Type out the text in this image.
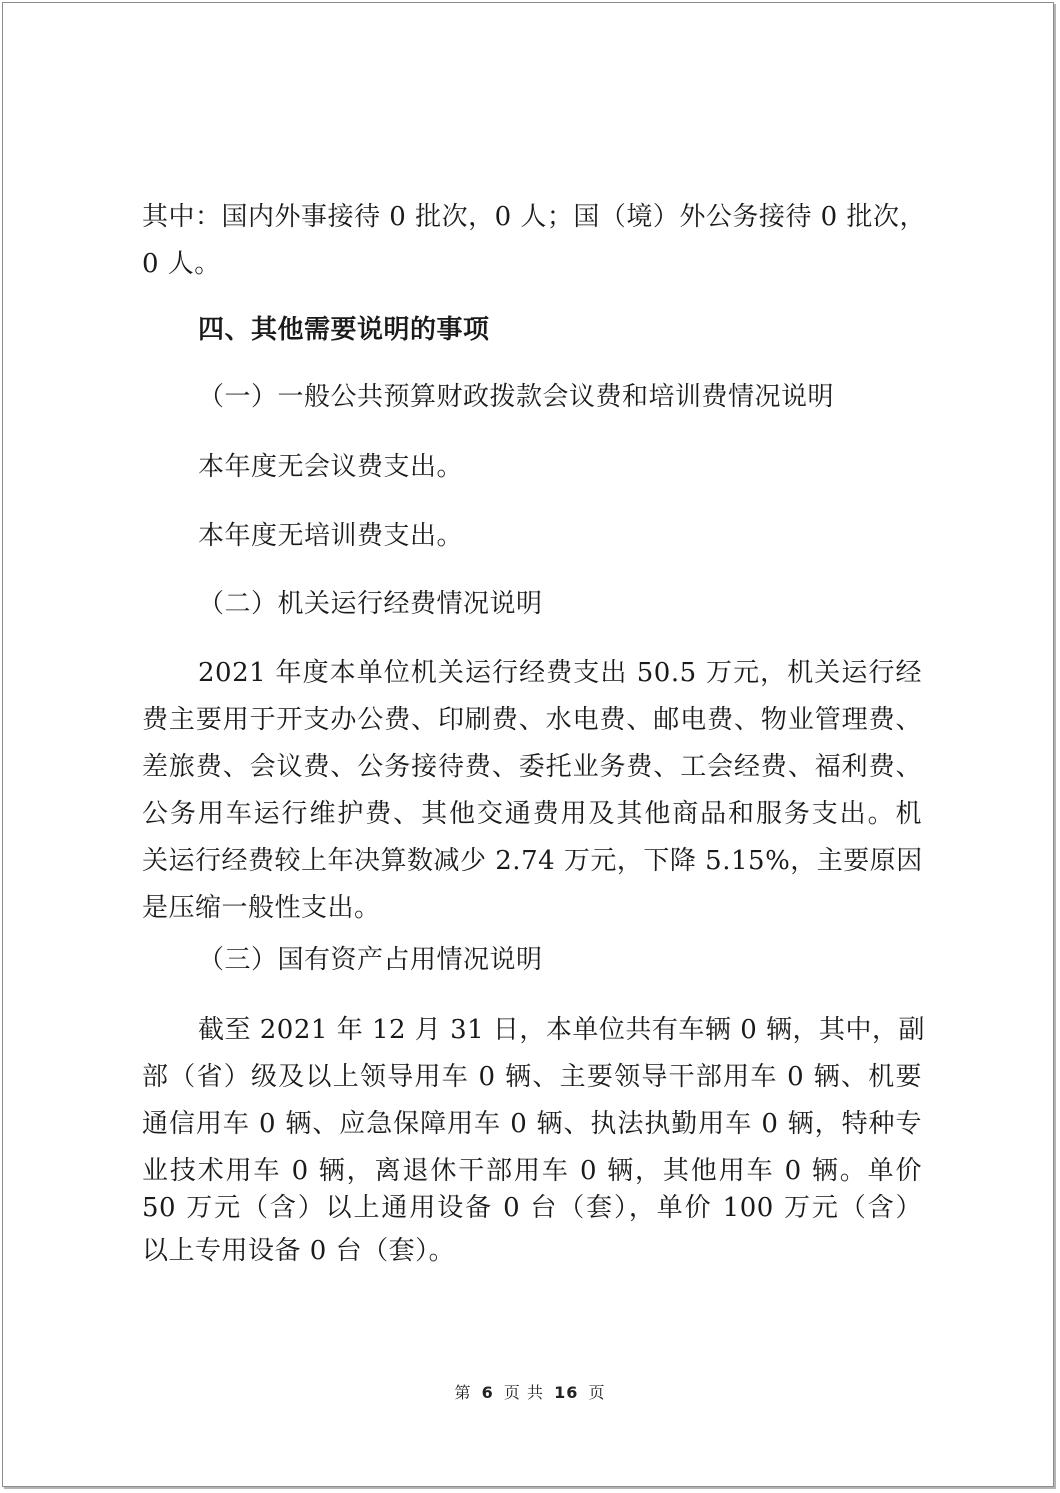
其中：国内外事接待 0 批次，0 人；国（境）外公务接待 0 批次，
0 人。
四、其他需要说明的事项
（一）一般公共预算财政拨款会议费和培训费情况说明
本年度无会议费支出。
本年度无培训费支出。
（二）机关运行经费情况说明
2021 年度本单位机关运行经费支出 50.5 万元，机关运行经
费主要用于开支办公费、印刷费、水电费、邮电费、物业管理费、
差旅费、会议费、公务接待费、委托业务费、工会经费、福利费、
公务用车运行维护费、其他交通费用及其他商品和服务支出。机
关运行经费较上年决算数减少 2.74 万元，下降 5.15%，主要原因
是压缩一般性支出。
（三）国有资产占用情况说明
截至 2021 年 12 月 31 日，本单位共有车辆 0 辆，其中，副
部（省）级及以上领导用车 0 辆、主要领导干部用车 0 辆、机要
通信用车 0 辆、应急保障用车 0 辆、执法执勤用车 0 辆，特种专
业技术用车 0 辆，离退休干部用车 0 辆，其他用车 0 辆。单价
50 万元（含）以上通用设备 0 台（套），单价 100 万元（含）
以上专用设备 0 台（套）。
第 6 页 共 16 页
